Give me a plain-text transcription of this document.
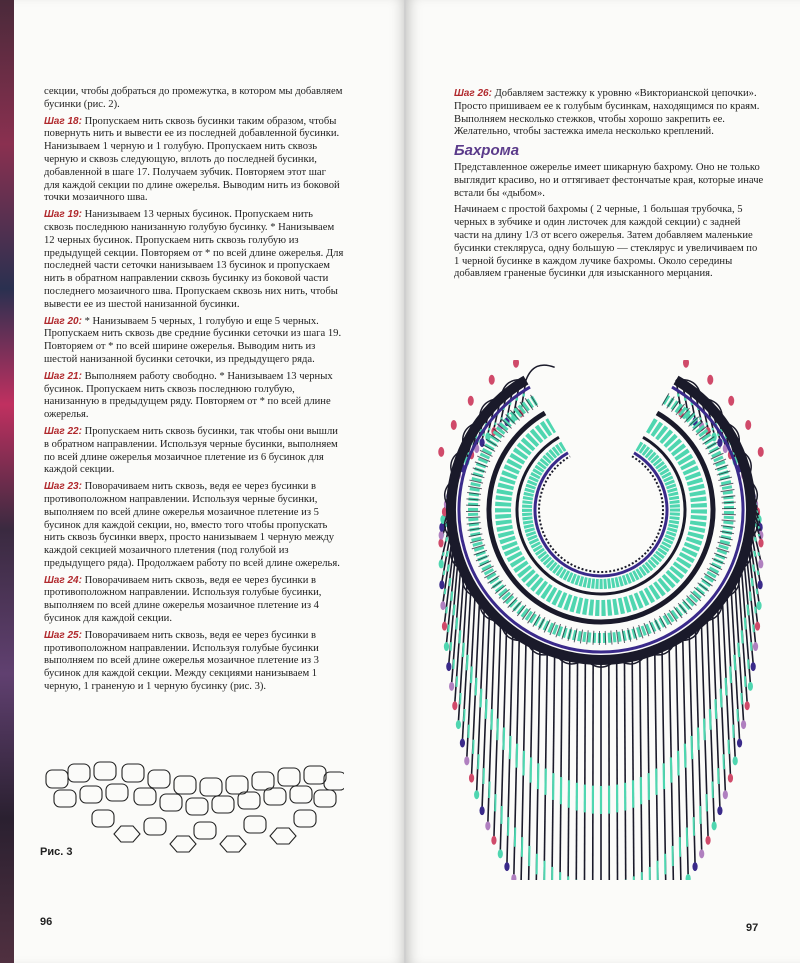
секции, чтобы добраться до промежутка, в котором мы добавляем бусинки (рис. 2).
Шаг 18: Пропускаем нить сквозь бусинки таким образом, чтобы повернуть нить и вывести ее из последней добавленной бусинки. Нанизываем 1 черную и 1 голубую. Пропускаем нить сквозь черную и сквозь следующую, вплоть до последней бусинки, добавленной в шаге 17. Получаем зубчик. Повторяем этот шаг для каждой секции по длине ожерелья. Выводим нить из боковой точки мозаичного шва.
Шаг 19: Нанизываем 13 черных бусинок. Пропускаем нить сквозь последнюю нанизанную голубую бусинку. * Нанизываем 12 черных бусинок. Пропускаем нить сквозь голубую из предыдущей секции. Повторяем от * по всей длине ожерелья. Для последней части сеточки нанизываем 13 бусинок и пропускаем нить в обратном направлении сквозь бусинку из боковой части последнего мозаичного шва. Пропускаем сквозь них нить, чтобы вывести ее из шестой нанизанной бусинки.
Шаг 20: * Нанизываем 5 черных, 1 голубую и еще 5 черных. Пропускаем нить сквозь две средние бусинки сеточки из шага 19. Повторяем от * по всей ширине ожерелья. Выводим нить из шестой нанизанной бусинки сеточки, из предыдущего ряда.
Шаг 21: Выполняем работу свободно. * Нанизываем 13 черных бусинок. Пропускаем нить сквозь последнюю голубую, нанизанную в предыдущем ряду. Повторяем от * по всей длине ожерелья.
Шаг 22: Пропускаем нить сквозь бусинки, так чтобы они вышли в обратном направлении. Используя черные бусинки, выполняем по всей длине ожерелья мозаичное плетение из 6 бусинок для каждой секции.
Шаг 23: Поворачиваем нить сквозь, ведя ее через бусинки в противоположном направлении. Используя черные бусинки, выполняем по всей длине ожерелья мозаичное плетение из 5 бусинок для каждой секции, но, вместо того чтобы пропускать нить сквозь бусинки вверх, просто нанизываем 1 черную между каждой секцией мозаичного плетения (под голубой из предыдущего ряда). Продолжаем работу по всей длине ожерелья.
Шаг 24: Поворачиваем нить сквозь, ведя ее через бусинки в противоположном направлении. Используя голубые бусинки, выполняем по всей длине ожерелья мозаичное плетение из 4 бусинок для каждой секции.
Шаг 25: Поворачиваем нить сквозь, ведя ее через бусинки в противоположном направлении. Используя голубые бусинки выполняем по всей длине ожерелья мозаичное плетение из 3 бусинок для каждой секции. Между секциями нанизываем 1 черную, 1 граненую и 1 черную бусинку (рис. 3).
Рис. 3
96
Шаг 26: Добавляем застежку к уровню «Викторианской цепочки». Просто пришиваем ее к голубым бусинкам, находящимся по краям. Выполняем несколько стежков, чтобы хорошо закрепить ее. Желательно, чтобы застежка имела несколько креплений.
Бахрома
Представленное ожерелье имеет шикарную бахрому. Оно не только выглядит красиво, но и оттягивает фестончатые края, которые иначе встали бы «дыбом».
Начинаем с простой бахромы ( 2 черные, 1 большая трубочка, 5 черных в зубчике и один листочек для каждой секции) с задней части на длину 1/3 от всего ожерелья. Затем добавляем маленькие бусинки стекляруса, одну большую — стеклярус и увеличиваем по 1 черной бусинке в каждом лучике бахромы. Около середины добавляем граненые бусинки для изысканного мерцания.
97
